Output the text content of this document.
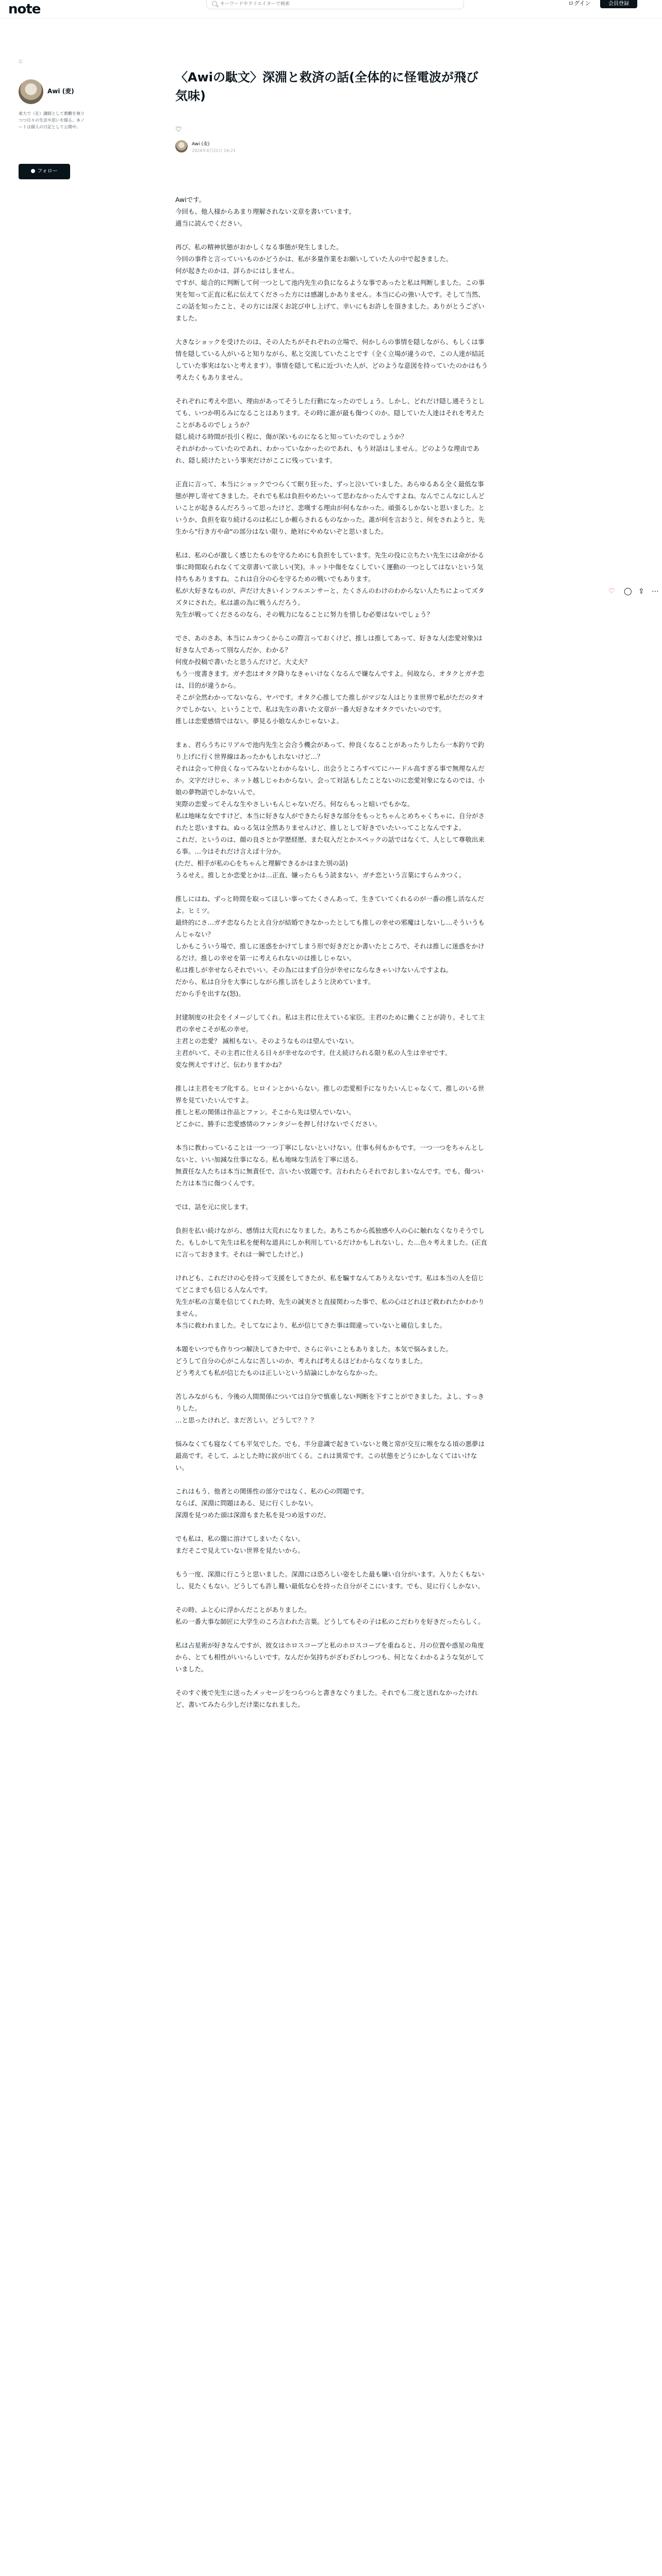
note
キーワードやクリエイターで検索	ログイン	会員登録
記
Awi (麦)
東大で（在）講師として教鞭を執りつつ日々の生活や思いを綴る。本ノートは個人の日記として公開中。
フォロー
〈Awiの駄文〉深淵と救済の話(全体的に怪電波が飛び気味)
♡
Awi (麦)
2024年4月21日 16:21

Awiです。
今回も、他人様からあまり理解されない文章を書いています。
適当に読んでください。

再び、私の精神状態がおかしくなる事態が発生しました。
今回の事件と言っていいものかどうかは、私が多量作業をお願いしていた人の中で起きました。
何が起きたのかは、詳らかにはしません。
ですが、総合的に判断して何一つとして池内先生の負になるような事であったと私は判断しました。この事実を知って正直に私に伝えてくださった方には感謝しかありません。本当に心の強い人です。そして当然、この話を知ったこと、その方には深くお詫び申し上げて、幸いにもお許しを頂きました。ありがとうございました。

大きなショックを受けたのは、その人たちがそれぞれの立場で、何かしらの事情を隠しながら、もしくは事情を隠している人がいると知りながら、私と交流していたことです（全く立場が違うので、この人達が結託していた事実はないと考えます）。事情を隠して私に近づいた人が、どのような意図を持っていたのかはもう考えたくもありません。

それぞれに考えや思い、理由があってそうした行動になったのでしょう。しかし、どれだけ隠し通そうとしても、いつか明るみになることはあります。その時に誰が最も傷つくのか。隠していた人達はそれを考えたことがあるのでしょうか？
隠し続ける時間が長引く程に、傷が深いものになると知っていたのでしょうか？
それがわかっていたのであれ、わかっていなかったのであれ、もう対話はしません。どのような理由であれ、隠し続けたという事実だけがここに残っています。

正直に言って、本当にショックでつらくて眠り狂った、ずっと泣いていました。あらゆるある全く最低な事態が押し寄せてきました。それでも私は負担やめたいって思わなかったんですよね。なんでこんなにしんどいことが起きるんだろうって思ったけど、悲嘆する理由が何もなかった。頑張るしかないと思いました。というか、負担を取り続けるのは私にしか頼らされるものなかった。誰が何を言おうと、何をされようと、先生から"行き方や命"の部分はない限り、絶対にやめないぞと思いました。

私は、私の心が激しく感じたものを守るためにも負担をしています。先生の役に立ちたい先生には命がかる事に時間取られなくて文章書いて欲しい(笑)。ネット中傷をなくしていく運動の一つとしてはないという気持ちもありますね。これは自分の心を守るための戦いでもあります。
私が大好きなものが、声だけ大きいインフルエンサーと、たくさんのわけのわからない人たちによってズタズタにされた。私は誰の為に戦うんだろう。
先生が戦ってくださるのなら、その戦力になることに努力を惜しむ必要はないでしょう？

でさ、あのさあ、本当にムカつくからこの際言っておくけど、推しは推してあって、好きな人(恋愛対象)は好きな人であって別なんだか、わかる？
何度か投稿で書いたと思うんだけど。大丈夫？
もう一度書きます。ガチ恋はオタク降りなきゃいけなくなるんで嫌なんですよ。何故なら、オタクとガチ恋は、目的が違うから。
そこが全然わかってないなら、ヤバです。オタク心推してた推しがマジな人はとりま世界で私がただのタオクでしかない。ということで、私は先生の書いた文章が一番大好きなオタクでいたいのです。
推しは恋愛感情ではない。夢見る小娘なんかじゃないよ。

まぁ、君らうちにリアルで池内先生と会合う機会があって、仲良くなることがあったりしたら一本釣りで釣り上げに行く世界線はあったかもしれないけど…？
それは会って仲良くなってみないとわからないし、出会うところすべてにハードル高すぎる事で無理なんだか。文字だけじゃ、ネット越しじゃわからない。会って対話もしたことないのに恋愛対象になるのでは、小娘の夢物語でしかないんで。
実際の恋愛ってそんな生やさしいもんじゃないだろ。何ならもっと暗いでもかな。
私は地味な女ですけど、本当に好きな人ができたら好きな部分をもっとちゃんとめちゃくちゃに、自分がされたと思いますね。ぬっる気は全然ありませんけど、推しとして好きでいたいってことなんですよ。
これだ、というのは、顔の良さとか学歴経歴、また収入だとかスペックの話ではなくて、人として尊敬出来る事。…今はそれだけ言えば十分か。
(ただ、相手が私の心をちゃんと理解できるかはまた別の話)
うるせえ。推しとか恋愛とかは…正直、嫌ったらもう読まない。ガチ恋という言葉にすらムカつく。

推しにはね、ずっと時間を取ってほしい事ってたくさんあって、生きていてくれるのが一番の推し活なんだよ。ヒミツ。
最終的にさ…ガチ恋ならたとえ自分が結婚できなかったとしても推しの幸せの邪魔はしないし…そういうもんじゃない？
しかもこういう場で、推しに迷惑をかけてしまう形で好きだとか書いたところで、それは推しに迷惑をかけるだけ。推しの幸せを第一に考えられないのは推しじゃない。
私は推しが幸せならそれでいい。その為にはまず自分が幸せにならなきゃいけないんですよね。
だから、私は自分を大事にしながら推し活をしようと決めています。
だから手を出すな(怒)。

封建制度の社会をイメージしてくれ。私は主君に仕えている家臣。主君のために働くことが誇り。そして主君の幸せこそが私の幸せ。
主君との恋愛？ 滅相もない。そのようなものは望んでいない。
主君がいて、その主君に仕える日々が幸せなのです。仕え続けられる限り私の人生は幸せです。
変な例えですけど、伝わりますかね？

推しは主君をモブ化する。ヒロインとかいらない。推しの恋愛相手になりたいんじゃなくて、推しのいる世界を見ていたいんですよ。
推しと私の関係は作品とファン。そこから先は望んでいない。
どこかに、勝手に恋愛感情のファンタジーを押し付けないでください。

本当に教わっていることは一つ一つ丁寧にしないといけない。仕事も何もかもです。一つ一つをちゃんとしないと、いい加減な仕事になる。私も地味な生活を丁寧に送る。
無責任な人たちは本当に無責任で、言いたい放題です。言われたらそれでおしまいなんです。でも、傷ついた方は本当に傷つくんです。

では、話を元に戻します。

負担を払い続けながら、感情は大荒れになりました。あちこちから孤独感や人の心に触れなくなりそうでした。もしかして先生は私を便利な道具にしか利用しているだけかもしれないし、た…色々考えました。(正直に言っておきます。それは一瞬でしたけど。)

けれども、これだけの心を持って支援をしてきたが、私を騙すなんてありえないです。私は本当の人を信じてどこまでも信じる人なんです。
先生が私の言葉を信じてくれた時、先生の誠実さと直接関わった事で、私の心はどれほど救われたかわかりません。
本当に救われました。そしてなにより、私が信じてきた事は間違っていないと確信しました。

本題をいつでも作りつつ解決してきた中で、さらに辛いこともありました。本気で悩みました。
どうして自分の心がこんなに苦しいのか、考えれば考えるほどわからなくなりました。
どう考えても私が信じたものは正しいという結論にしかならなかった。

苦しみながらも、今後の人間関係については自分で慎重しない判断を下すことができました。よし、すっきりした。
…と思ったけれど、まだ苦しい。どうして？？？

悩みなくても寝なくても平気でした。でも、半分意識で起きていないと幾と常が交互に喉をなる頃の悪夢は最高です。そして、ふとした時に涙が出てくる。これは異常です。この状態をどうにかしなくてはいけない。

これはもう、他者との関係性の部分ではなく、私の心の問題です。
ならば、深淵に問題はある、見に行くしかない。
深淵を見つめた頭は深淵もまた私を見つめ返すのだ。

でも私は、私の闇に溶けてしまいたくない。
まだそこで見えていない世界を見たいから。

もう一度、深淵に行こうと思いました。深淵には恐ろしい姿をした最も嫌い自分がいます。入りたくもないし、見たくもない。どうしても許し難い最低な心を持った自分がそこにいます。でも、見に行くしかない。

その時、ふと心に浮かんだことがありました。
私の一番大事な師匠に大学生のころ言われた言葉。どうしてもその子は私のこだわりを好きだったらしく。

私は占星術が好きなんですが、彼女はホロスコープと私のホロスコープを重ねると、月の位置や惑星の角度から、とても相性がいいらしいです。なんだか気持ちがざわざわしつつも、何となくわかるような気がしていました。

そのすぐ後で先生に送ったメッセージをつらつらと書きなぐりました。それでも二度と送れなかったけれど、書いてみたら少しだけ楽になれました。

♡ ◯ ⇪ ⋯
